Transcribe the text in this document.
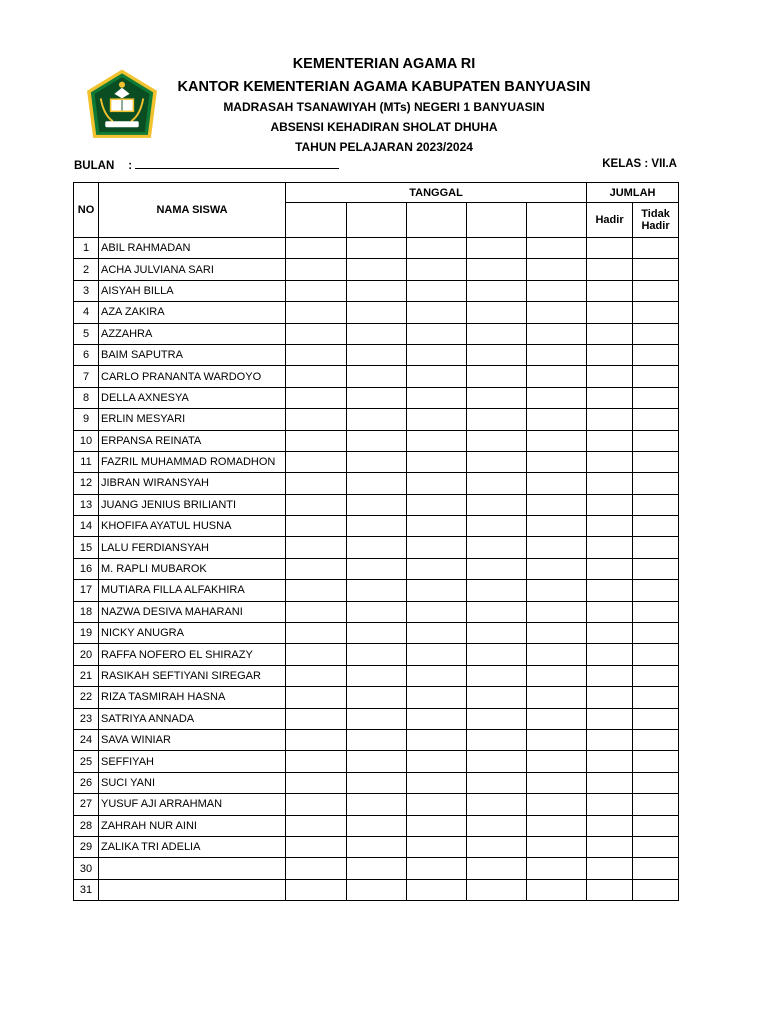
KEMENTERIAN AGAMA RI
KANTOR KEMENTERIAN AGAMA KABUPATEN BANYUASIN
MADRASAH TSANAWIYAH (MTs) NEGERI 1 BANYUASIN
ABSENSI KEHADIRAN SHOLAT DHUHA
TAHUN PELAJARAN 2023/2024
BULAN :	KELAS : VII.A
NO	NAMA SISWA	TANGGAL					JUMLAH	
							Hadir	Tidak Hadir
1	ABIL RAHMADAN							
2	ACHA JULVIANA SARI							
3	AISYAH BILLA							
4	AZA ZAKIRA							
5	AZZAHRA							
6	BAIM SAPUTRA							
7	CARLO PRANANTA WARDOYO							
8	DELLA AXNESYA							
9	ERLIN MESYARI							
10	ERPANSA REINATA							
11	FAZRIL MUHAMMAD ROMADHON							
12	JIBRAN WIRANSYAH							
13	JUANG JENIUS BRILIANTI							
14	KHOFIFA AYATUL HUSNA							
15	LALU FERDIANSYAH							
16	M. RAPLI MUBAROK							
17	MUTIARA FILLA ALFAKHIRA							
18	NAZWA DESIVA MAHARANI							
19	NICKY ANUGRA							
20	RAFFA NOFERO EL SHIRAZY							
21	RASIKAH SEFTIYANI SIREGAR							
22	RIZA TASMIRAH HASNA							
23	SATRIYA ANNADA							
24	SAVA WINIAR							
25	SEFFIYAH							
26	SUCI YANI							
27	YUSUF AJI ARRAHMAN							
28	ZAHRAH NUR AINI							
29	ZALIKA TRI ADELIA							
30								
31								
